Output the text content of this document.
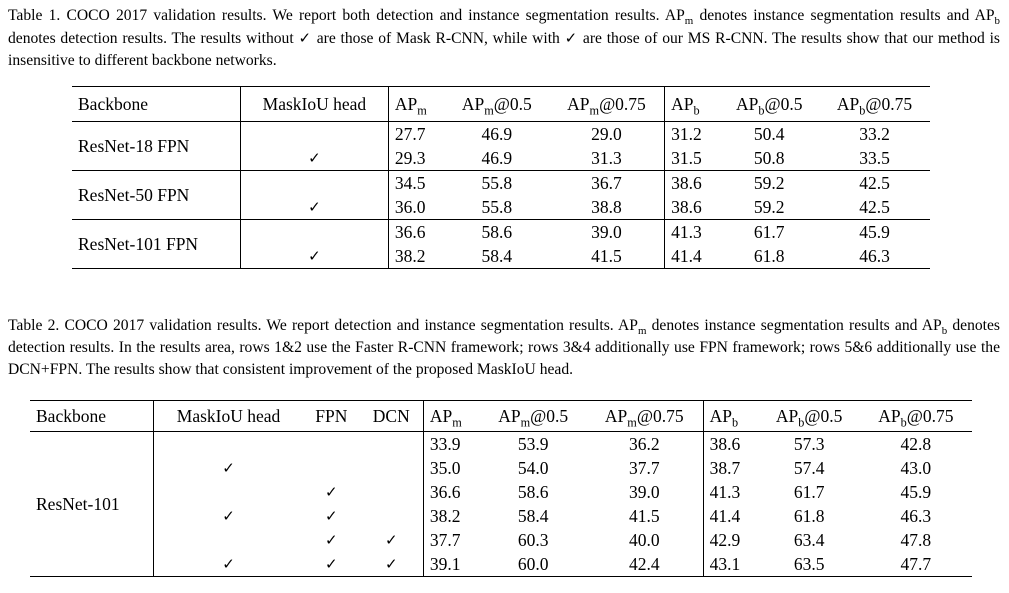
Table 1. COCO 2017 validation results. We report both detection and instance segmentation results. $AP_m$ denotes instance segmentation results and $AP_b$ denotes detection results. The results without ✓ are those of Mask R-CNN, while with ✓ are those of our MS R-CNN. The results show that our method is insensitive to different backbone networks.

Backbone	MaskIoU head	$AP_m$	$AP_m@0.5$	$AP_m@0.75$	$AP_b$	$AP_b@0.5$	$AP_b@0.75$
ResNet-18 FPN		27.7	46.9	29.0	31.2	50.4	33.2
	✓	29.3	46.9	31.3	31.5	50.8	33.5
ResNet-50 FPN		34.5	55.8	36.7	38.6	59.2	42.5
	✓	36.0	55.8	38.8	38.6	59.2	42.5
ResNet-101 FPN		36.6	58.6	39.0	41.3	61.7	45.9
	✓	38.2	58.4	41.5	41.4	61.8	46.3

Table 2. COCO 2017 validation results. We report detection and instance segmentation results. $AP_m$ denotes instance segmentation results and $AP_b$ denotes detection results. In the results area, rows 1&2 use the Faster R-CNN framework; rows 3&4 additionally use FPN framework; rows 5&6 additionally use the DCN+FPN. The results show that consistent improvement of the proposed MaskIoU head.

Backbone	MaskIoU head	FPN	DCN	$AP_m$	$AP_m@0.5$	$AP_m@0.75$	$AP_b$	$AP_b@0.5$	$AP_b@0.75$
ResNet-101				33.9	53.9	36.2	38.6	57.3	42.8
	✓			35.0	54.0	37.7	38.7	57.4	43.0
		✓		36.6	58.6	39.0	41.3	61.7	45.9
	✓	✓		38.2	58.4	41.5	41.4	61.8	46.3
		✓	✓	37.7	60.3	40.0	42.9	63.4	47.8
	✓	✓	✓	39.1	60.0	42.4	43.1	63.5	47.7
